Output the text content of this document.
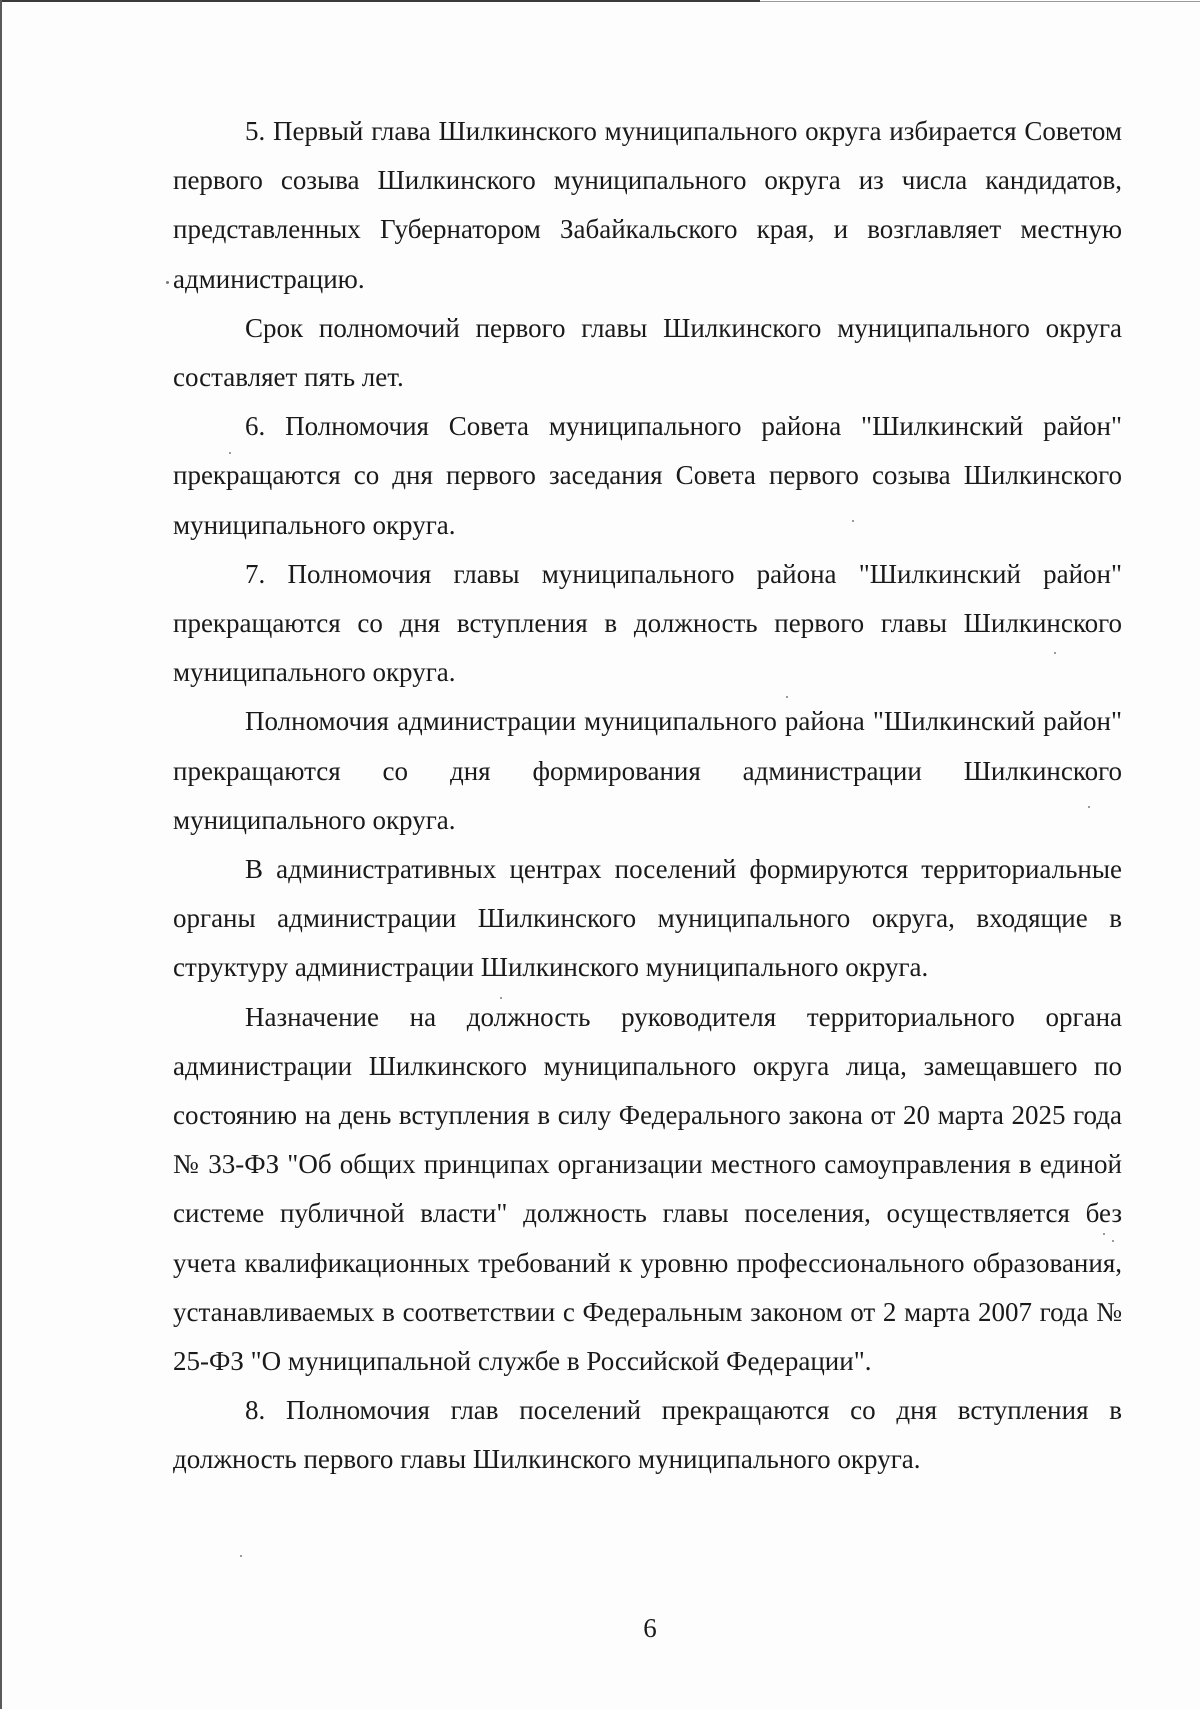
5. Первый глава Шилкинского муниципального округа избирается Советом первого созыва Шилкинского муниципального округа из числа кандидатов, представленных Губернатором Забайкальского края, и возглавляет местную администрацию.

Срок полномочий первого главы Шилкинского муниципального округа составляет пять лет.

6. Полномочия Совета муниципального района "Шилкинский район" прекращаются со дня первого заседания Совета первого созыва Шилкинского муниципального округа.

7. Полномочия главы муниципального района "Шилкинский район" прекращаются со дня вступления в должность первого главы Шилкинского муниципального округа.

Полномочия администрации муниципального района "Шилкинский район" прекращаются со дня формирования администрации Шилкинского муниципального округа.

В административных центрах поселений формируются территориальные органы администрации Шилкинского муниципального округа, входящие в структуру администрации Шилкинского муниципального округа.

Назначение на должность руководителя территориального органа администрации Шилкинского муниципального округа лица, замещавшего по состоянию на день вступления в силу Федерального закона от 20 марта 2025 года № 33-ФЗ "Об общих принципах организации местного самоуправления в единой системе публичной власти" должность главы поселения, осуществляется без учета квалификационных требований к уровню профессионального образования, устанавливаемых в соответствии с Федеральным законом от 2 марта 2007 года № 25-ФЗ "О муниципальной службе в Российской Федерации".

8. Полномочия глав поселений прекращаются со дня вступления в должность первого главы Шилкинского муниципального округа.

6
